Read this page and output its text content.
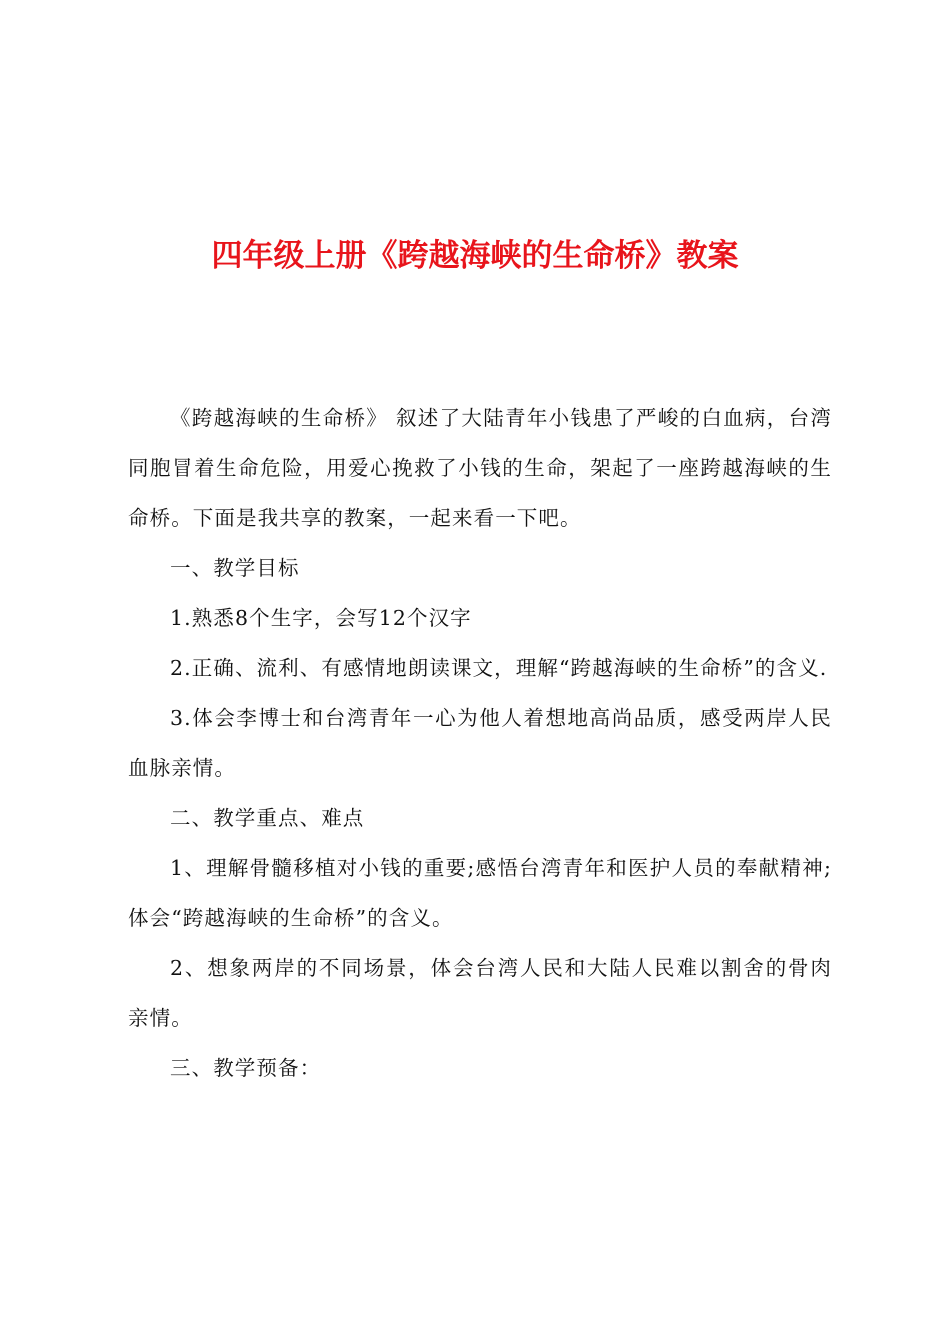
四年级上册《跨越海峡的生命桥》教案

《跨越海峡的生命桥》 叙述了大陆青年小钱患了严峻的白血病，台湾同胞冒着生命危险，用爱心挽救了小钱的生命，架起了一座跨越海峡的生命桥。下面是我共享的教案，一起来看一下吧。

一、教学目标

1.熟悉8个生字，会写12个汉字

2.正确、流利、有感情地朗读课文，理解“跨越海峡的生命桥”的含义.

3.体会李博士和台湾青年一心为他人着想地高尚品质，感受两岸人民血脉亲情。

二、教学重点、难点

1、理解骨髓移植对小钱的重要;感悟台湾青年和医护人员的奉献精神;体会“跨越海峡的生命桥”的含义。

2、想象两岸的不同场景，体会台湾人民和大陆人民难以割舍的骨肉亲情。

三、教学预备：
